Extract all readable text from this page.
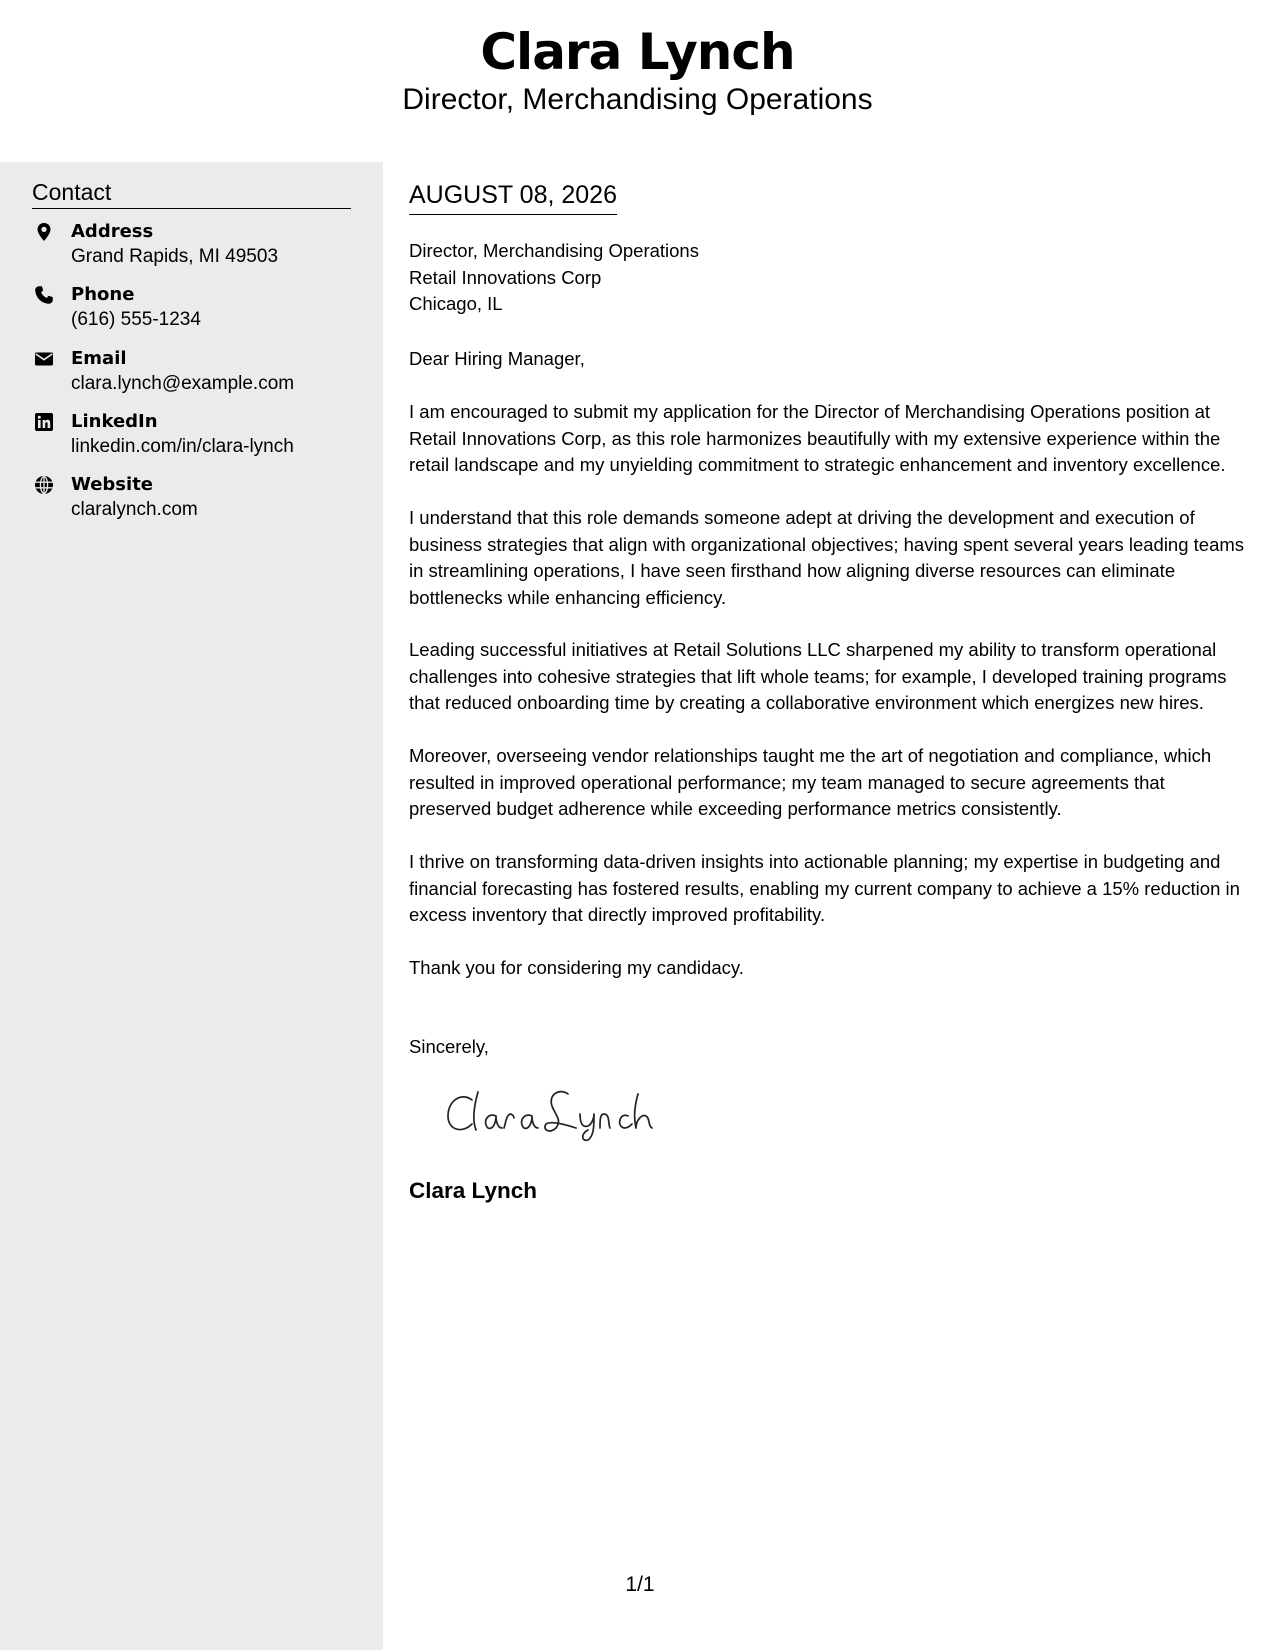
Clara Lynch
Director, Merchandising Operations
Contact
Address
Grand Rapids, MI 49503
Phone
(616) 555-1234
Email
clara.lynch@example.com
LinkedIn
linkedin.com/in/clara-lynch
Website
claralynch.com
AUGUST 08, 2026
Director, Merchandising Operations
Retail Innovations Corp
Chicago, IL
Dear Hiring Manager,
I am encouraged to submit my application for the Director of Merchandising Operations position at Retail Innovations Corp, as this role harmonizes beautifully with my extensive experience within the retail landscape and my unyielding commitment to strategic enhancement and inventory excellence.
I understand that this role demands someone adept at driving the development and execution of business strategies that align with organizational objectives; having spent several years leading teams in streamlining operations, I have seen firsthand how aligning diverse resources can eliminate bottlenecks while enhancing efficiency.
Leading successful initiatives at Retail Solutions LLC sharpened my ability to transform operational challenges into cohesive strategies that lift whole teams; for example, I developed training programs that reduced onboarding time by creating a collaborative environment which energizes new hires.
Moreover, overseeing vendor relationships taught me the art of negotiation and compliance, which resulted in improved operational performance; my team managed to secure agreements that preserved budget adherence while exceeding performance metrics consistently.
I thrive on transforming data-driven insights into actionable planning; my expertise in budgeting and financial forecasting has fostered results, enabling my current company to achieve a 15% reduction in excess inventory that directly improved profitability.
Thank you for considering my candidacy.
Sincerely,
Clara Lynch
1/1
